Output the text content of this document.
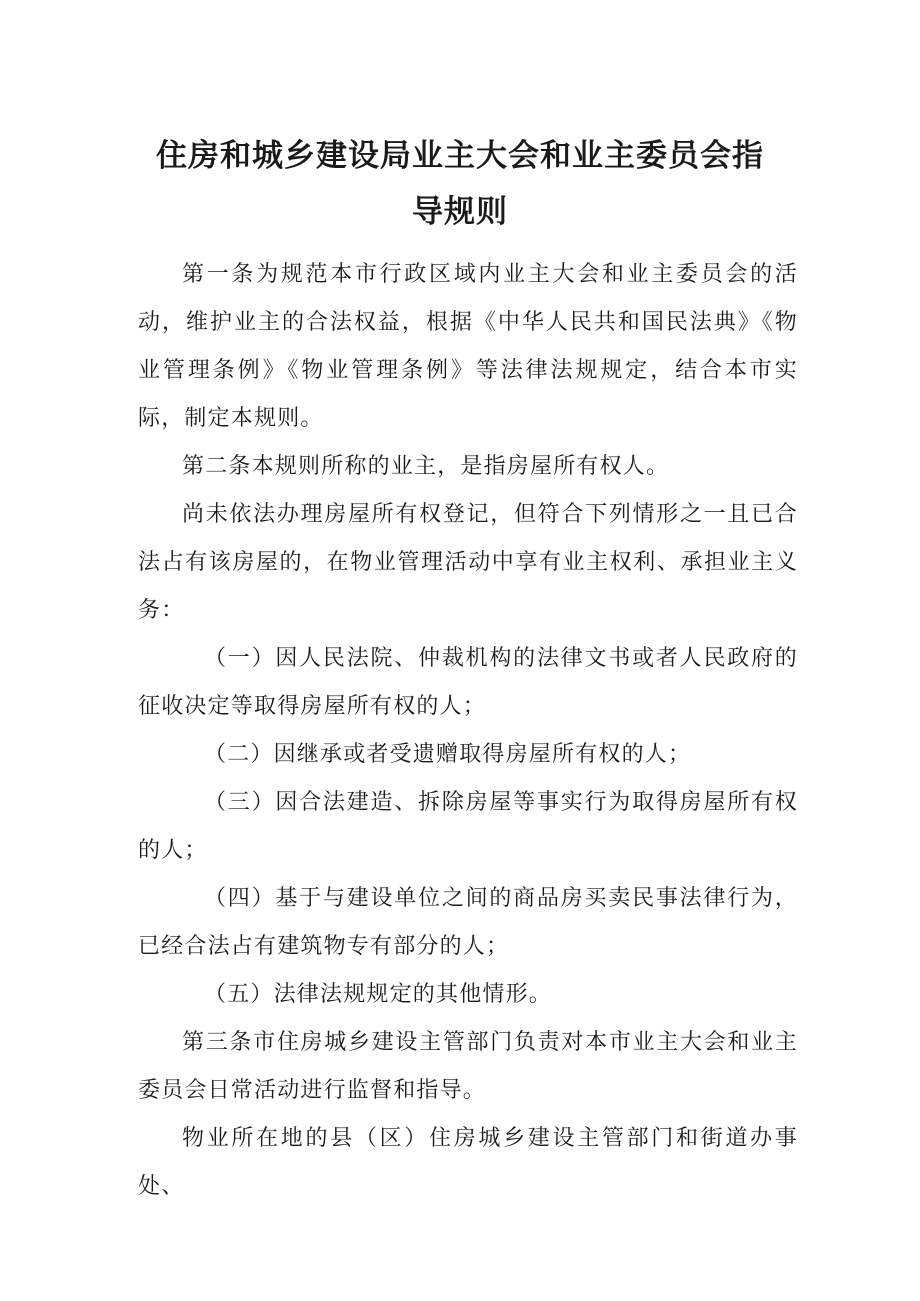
住房和城乡建设局业主大会和业主委员会指
导规则

第一条为规范本市行政区域内业主大会和业主委员会的活动，维护业主的合法权益，根据《中华人民共和国民法典》《物业管理条例》《物业管理条例》等法律法规规定，结合本市实际，制定本规则。

第二条本规则所称的业主，是指房屋所有权人。

尚未依法办理房屋所有权登记，但符合下列情形之一且已合法占有该房屋的，在物业管理活动中享有业主权利、承担业主义务：

（一）因人民法院、仲裁机构的法律文书或者人民政府的征收决定等取得房屋所有权的人；

（二）因继承或者受遗赠取得房屋所有权的人；

（三）因合法建造、拆除房屋等事实行为取得房屋所有权的人；

（四）基于与建设单位之间的商品房买卖民事法律行为，已经合法占有建筑物专有部分的人；

（五）法律法规规定的其他情形。

第三条市住房城乡建设主管部门负责对本市业主大会和业主委员会日常活动进行监督和指导。

物业所在地的县（区）住房城乡建设主管部门和街道办事处、
